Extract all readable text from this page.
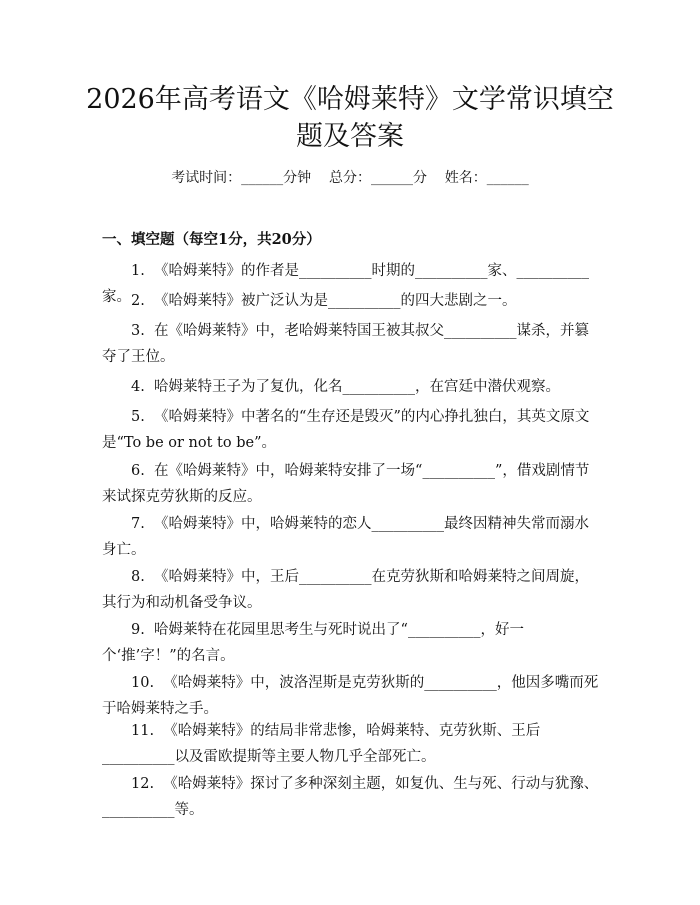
2026年高考语文《哈姆莱特》文学常识填空
题及答案
考试时间：______分钟    总分：______分    姓名：______
一、填空题（每空1分，共20分）
1.  《哈姆莱特》的作者是__________时期的__________家、__________家。 2.  《哈姆莱特》被广泛认为是__________的四大悲剧之一。
3.  在《哈姆莱特》中，老哈姆莱特国王被其叔父__________谋杀，并篡夺了王位。
4.  哈姆莱特王子为了复仇，化名__________，在宫廷中潜伏观察。
5.  《哈姆莱特》中著名的“生存还是毁灭”的内心挣扎独白，其英文原文是“To be or not to be”。
6.  在《哈姆莱特》中，哈姆莱特安排了一场“__________”，借戏剧情节来试探克劳狄斯的反应。
7.  《哈姆莱特》中，哈姆莱特的恋人__________最终因精神失常而溺水身亡。
8.  《哈姆莱特》中，王后__________在克劳狄斯和哈姆莱特之间周旋，其行为和动机备受争议。
9.  哈姆莱特在花园里思考生与死时说出了“__________，好一个‘推’字！”的名言。
10.  《哈姆莱特》中，波洛涅斯是克劳狄斯的__________，他因多嘴而死于哈姆莱特之手。
11.  《哈姆莱特》的结局非常悲惨，哈姆莱特、克劳狄斯、王后__________以及雷欧提斯等主要人物几乎全部死亡。
12.  《哈姆莱特》探讨了多种深刻主题，如复仇、生与死、行动与犹豫、__________等。
